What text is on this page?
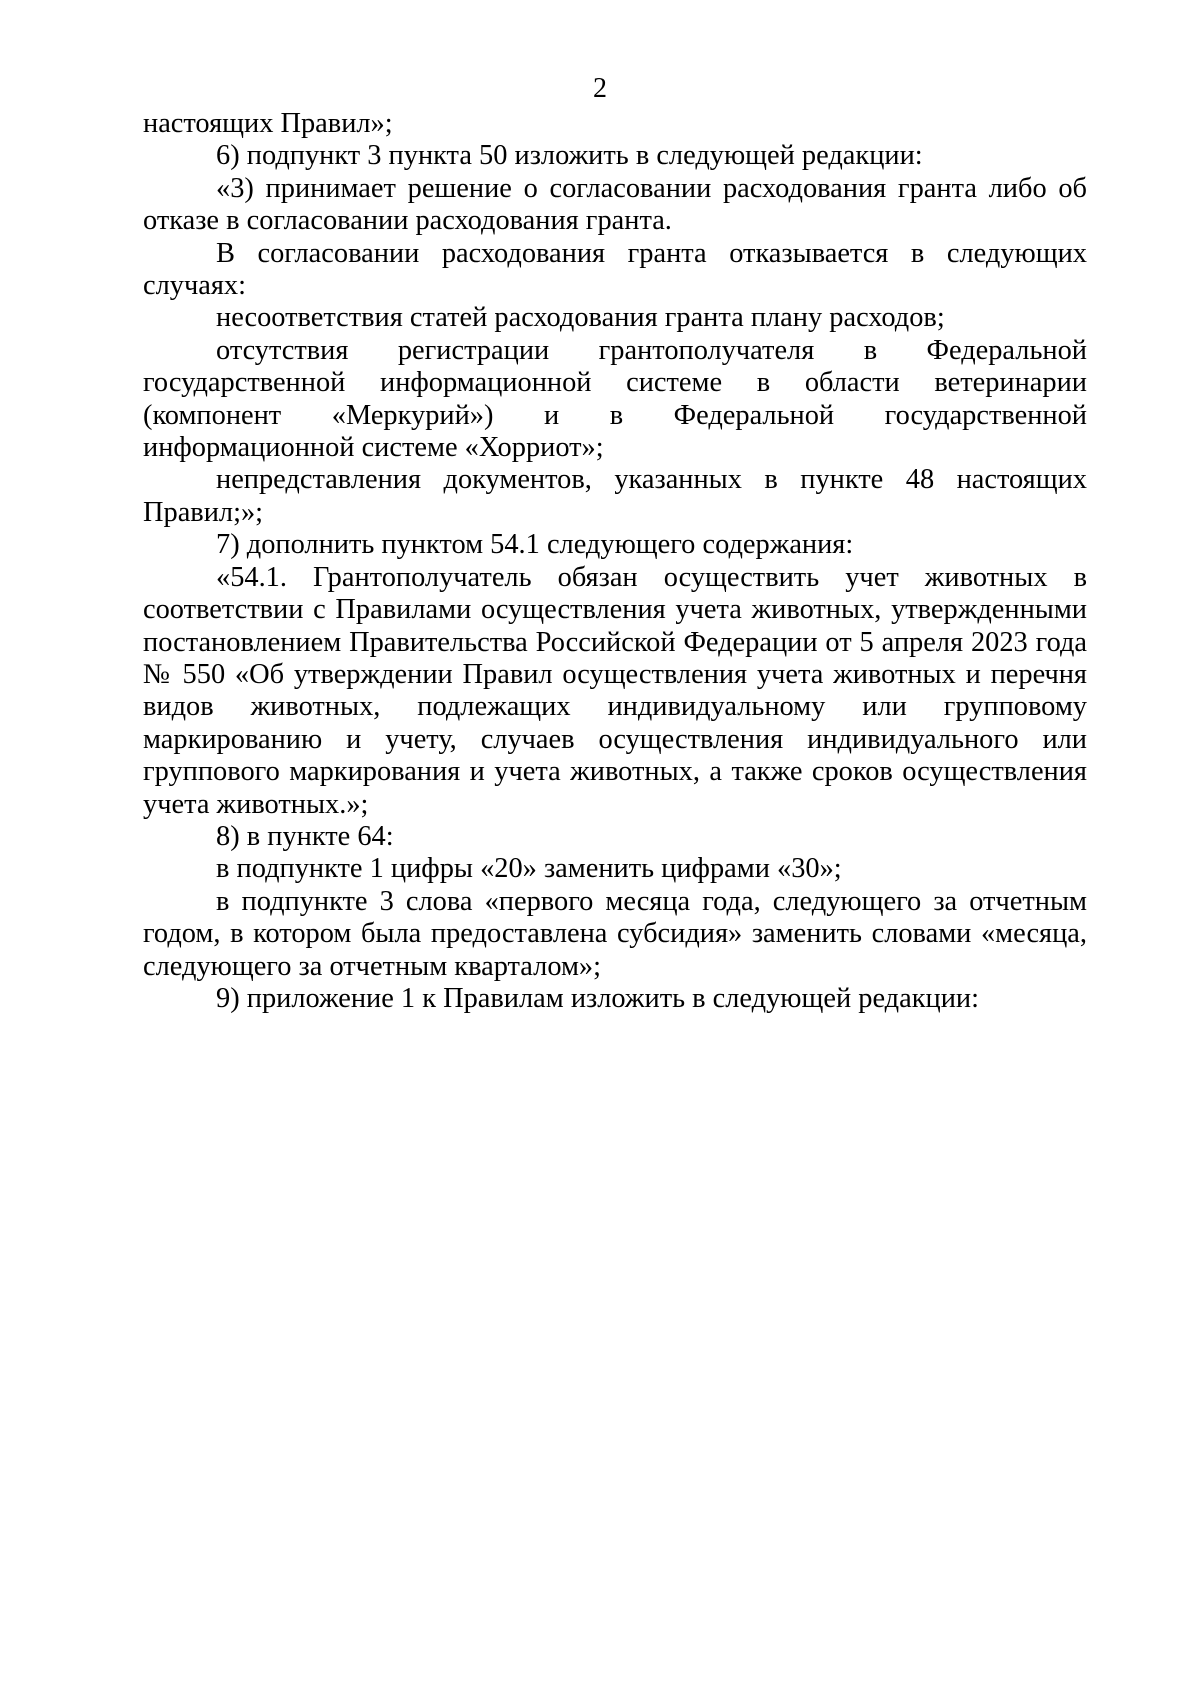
2

настоящих Правил»;

6) подпункт 3 пункта 50 изложить в следующей редакции:

«3) принимает решение о согласовании расходования гранта либо об отказе в согласовании расходования гранта.

В согласовании расходования гранта отказывается в следующих случаях:

несоответствия статей расходования гранта плану расходов;

отсутствия регистрации грантополучателя в Федеральной государственной информационной системе в области ветеринарии (компонент «Меркурий») и в Федеральной государственной информационной системе «Хорриот»;

непредставления документов, указанных в пункте 48 настоящих Правил;»;

7) дополнить пунктом 54.1 следующего содержания:

«54.1. Грантополучатель обязан осуществить учет животных в соответствии с Правилами осуществления учета животных, утвержденными постановлением Правительства Российской Федерации от 5 апреля 2023 года № 550 «Об утверждении Правил осуществления учета животных и перечня видов животных, подлежащих индивидуальному или групповому маркированию и учету, случаев осуществления индивидуального или группового маркирования и учета животных, а также сроков осуществления учета животных.»;

8) в пункте 64:

в подпункте 1 цифры «20» заменить цифрами «30»;

в подпункте 3 слова «первого месяца года, следующего за отчетным годом, в котором была предоставлена субсидия» заменить словами «месяца, следующего за отчетным кварталом»;

9) приложение 1 к Правилам изложить в следующей редакции:
